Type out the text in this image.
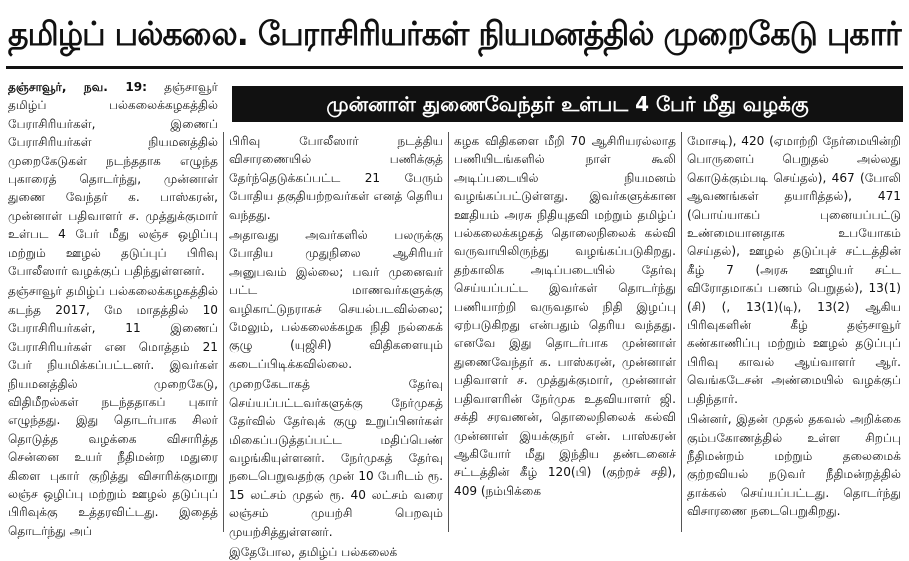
தமிழ்ப் பல்கலை. பேராசிரியர்கள் நியமனத்தில் முறைகேடு புகார்
முன்னாள் துணைவேந்தர் உள்பட 4 பேர் மீது வழக்கு

தஞ்சாவூர், நவ. 19: தஞ்சாவூர் தமிழ்ப் பல்கலைக்கழகத்தில் பேராசிரியர்கள், இணைப் பேராசிரியர்கள் நியமனத்தில் முறைகேடுகள் நடந்ததாக எழுந்த புகாரைத் தொடர்ந்து, முன்னாள் துணை வேந்தர் க. பாஸ்கரன், முன்னாள் பதிவாளர் ச. முத்துக்குமார் உள்பட 4 பேர் மீது லஞ்ச ஒழிப்பு மற்றும் ஊழல் தடுப்புப் பிரிவு போலீஸார் வழக்குப் பதிந்துள்ளனர்.

தஞ்சாவூர் தமிழ்ப் பல்கலைக்கழகத்தில் கடந்த 2017, மே மாதத்தில் 10 பேராசிரியர்கள், 11 இணைப் பேராசிரியர்கள் என மொத்தம் 21 பேர் நியமிக்கப்பட்டனர். இவர்கள் நியமனத்தில் முறைகேடு, விதிமீறல்கள் நடந்ததாகப் புகார் எழுந்தது. இது தொடர்பாக சிலர் தொடுத்த வழக்கை விசாரித்த சென்னை உயர் நீதிமன்ற மதுரை கிளை புகார் குறித்து விசாரிக்குமாறு லஞ்ச ஒழிப்பு மற்றும் ஊழல் தடுப்புப் பிரிவுக்கு உத்தரவிட்டது. இதைத் தொடர்ந்து அப்

பிரிவு போலீஸார் நடத்திய விசாரணையில் பணிக்குத் தேர்ந்தெடுக்கப்பட்ட 21 பேரும் போதிய தகுதியற்றவர்கள் எனத் தெரிய வந்தது.

அதாவது அவர்களில் பலருக்கு போதிய முதுநிலை ஆசிரியர் அனுபவம் இல்லை; பவர் முனைவர் பட்ட மாணவர்களுக்கு வழிகாட்டுநராகச் செயல்படவில்லை; மேலும், பல்கலைக்கழக நிதி நல்கைக் குழு (யுஜிசி) விதிகளையும் கடைப்பிடிக்கவில்லை.

முறைகேடாகத் தேர்வு செய்யப்பட்டவர்களுக்கு நேர்முகத் தேர்வில் தேர்வுக் குழு உறுப்பினர்கள் மிகைப்படுத்தப்பட்ட மதிப்பெண் வழங்கியுள்ளனர். நேர்முகத் தேர்வு நடைபெறுவதற்கு முன் 10 பேரிடம் ரூ. 15 லட்சம் முதல் ரூ. 40 லட்சம் வரை லஞ்சம் முயற்சி பெறவும் முயற்சித்துள்ளனர்.

இதேபோல, தமிழ்ப் பல்கலைக்

கழக விதிகளை மீறி 70 ஆசிரியரல்லாத பணியிடங்களில் நாள் கூலி அடிப்படையில் நியமனம் வழங்கப்பட்டுள்ளது. இவர்களுக்கான ஊதியம் அரசு நிதியுதவி மற்றும் தமிழ்ப் பல்கலைக்கழகத் தொலைநிலைக் கல்வி வருவாயிலிருந்து வழங்கப்படுகிறது. தற்காலிக அடிப்படையில் தேர்வு செய்யப்பட்ட இவர்கள் தொடர்ந்து பணியாற்றி வருவதால் நிதி இழப்பு ஏற்படுகிறது என்பதும் தெரிய வந்தது. எனவே இது தொடர்பாக முன்னாள் துணைவேந்தர் க. பாஸ்கரன், முன்னாள் பதிவாளர் ச. முத்துக்குமார், முன்னாள் பதிவாளரின் நேர்முக உதவியாளர் ஜி. சக்தி சரவணன், தொலைநிலைக் கல்வி முன்னாள் இயக்குநர் என். பாஸ்கரன் ஆகியோர் மீது இந்திய தண்டனைச் சட்டத்தின் கீழ் 120(பி) (குற்றச் சதி), 409 (நம்பிக்கை

மோசடி), 420 (ஏமாற்றி நேர்மையின்றி பொருளைப் பெறுதல் அல்லது கொடுக்கும்படி செய்தல்), 467 (போலி ஆவணங்கள் தயாரித்தல்), 471 (பொய்யாகப் புனையப்பட்டு உண்மையானதாக உபயோகம் செய்தல்), ஊழல் தடுப்புச் சட்டத்தின் கீழ் 7 (அரசு ஊழியர் சட்ட விரோதமாகப் பணம் பெறுதல்), 13(1) (சி) (, 13(1)(டி), 13(2) ஆகிய பிரிவுகளின் கீழ் தஞ்சாவூர் கண்காணிப்பு மற்றும் ஊழல் தடுப்புப் பிரிவு காவல் ஆய்வாளர் ஆர். வெங்கடேசன் அண்மையில் வழக்குப் பதிந்தார்.

பின்னர், இதன் முதல் தகவல் அறிக்கை கும்பகோணத்தில் உள்ள சிறப்பு நீதிமன்றம் மற்றும் தலைமைக் குற்றவியல் நடுவர் நீதிமன்றத்தில் தாக்கல் செய்யப்பட்டது. தொடர்ந்து விசாரணை நடைபெறுகிறது.
